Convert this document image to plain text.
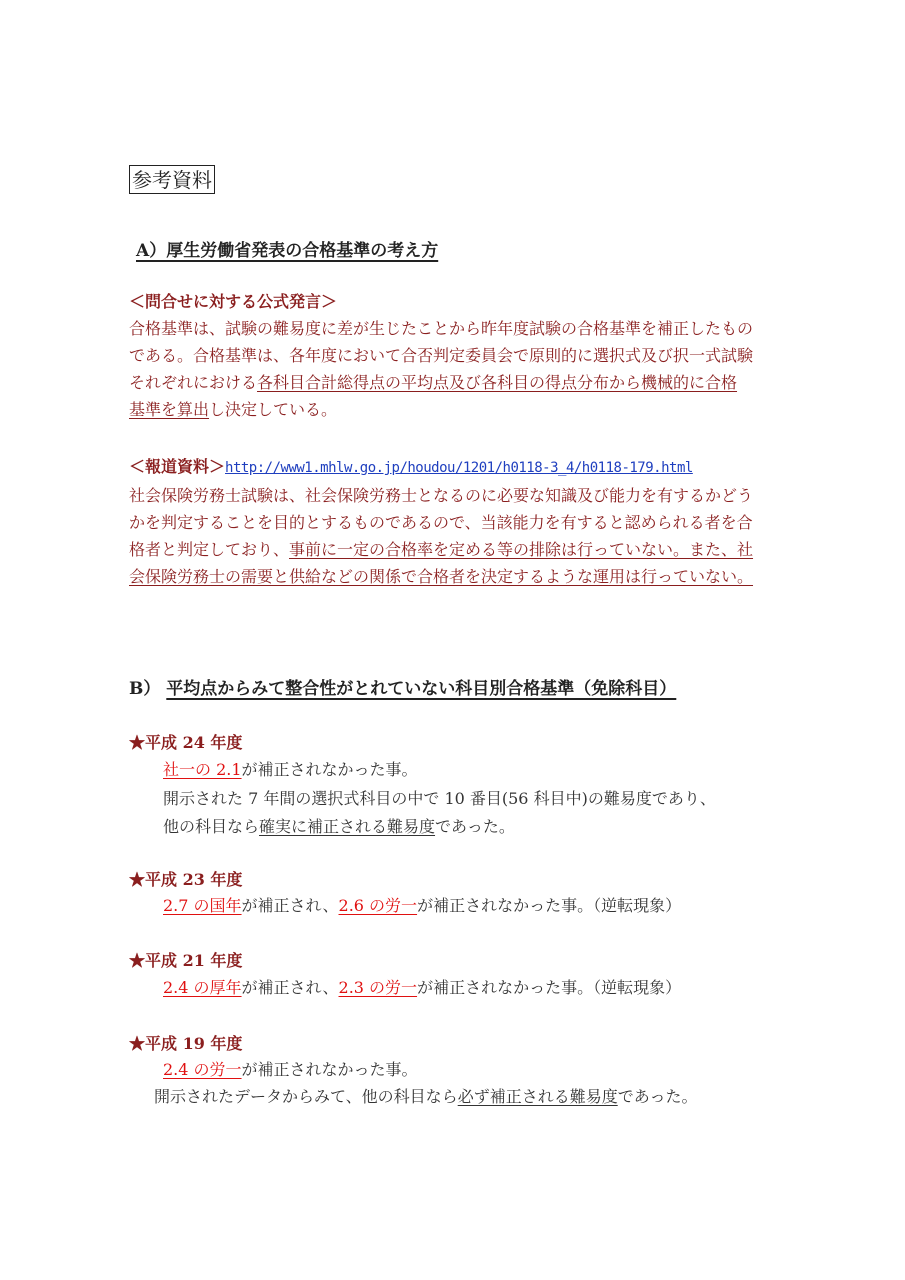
参考資料
A）厚生労働省発表の合格基準の考え方
＜問合せに対する公式発言＞
合格基準は、試験の難易度に差が生じたことから昨年度試験の合格基準を補正したもの
である。合格基準は、各年度において合否判定委員会で原則的に選択式及び択一式試験
それぞれにおける各科目合計総得点の平均点及び各科目の得点分布から機械的に合格
基準を算出し決定している。
＜報道資料＞http://www1.mhlw.go.jp/houdou/1201/h0118-3_4/h0118-179.html
社会保険労務士試験は、社会保険労務士となるのに必要な知識及び能力を有するかどう
かを判定することを目的とするものであるので、当該能力を有すると認められる者を合
格者と判定しており、事前に一定の合格率を定める等の排除は行っていない。また、社
会保険労務士の需要と供給などの関係で合格者を決定するような運用は行っていない。
B） 平均点からみて整合性がとれていない科目別合格基準（免除科目）
★平成 24 年度
社一の 2.1が補正されなかった事。
開示された 7 年間の選択式科目の中で 10 番目(56 科目中)の難易度であり、
他の科目なら確実に補正される難易度であった。
★平成 23 年度
2.7 の国年が補正され、2.6 の労一が補正されなかった事。（逆転現象）
★平成 21 年度
2.4 の厚年が補正され、2.3 の労一が補正されなかった事。（逆転現象）
★平成 19 年度
2.4 の労一が補正されなかった事。
開示されたデータからみて、他の科目なら必ず補正される難易度であった。
